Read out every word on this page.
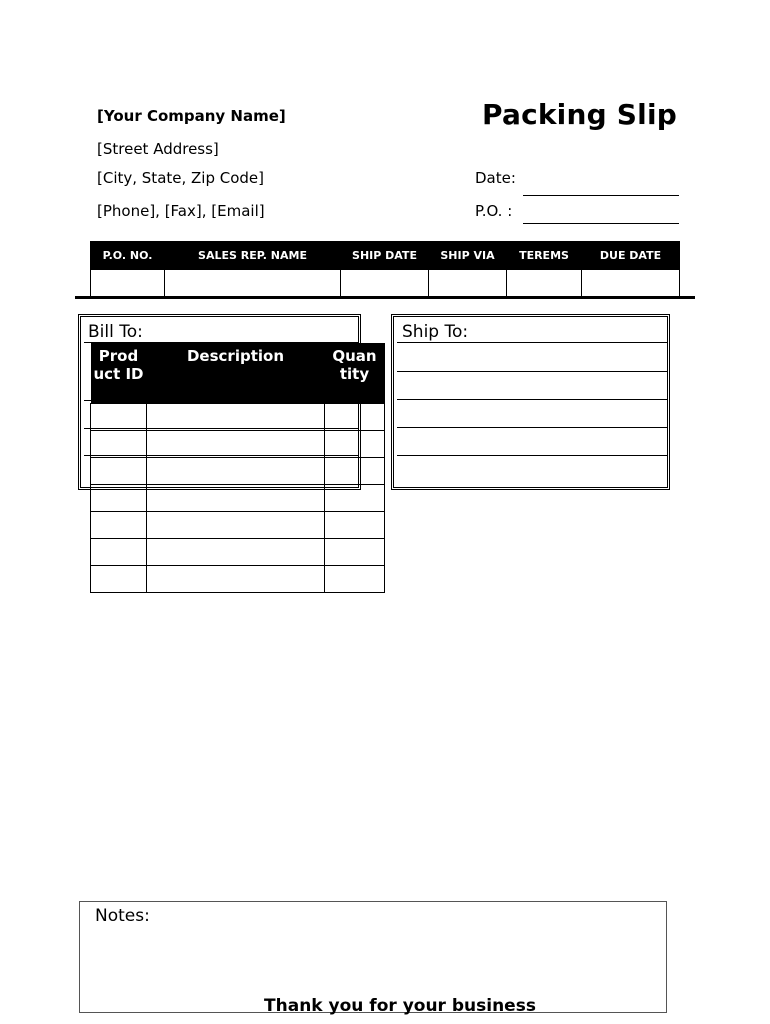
[Your Company Name]	Packing Slip
[Street Address]
[City, State, Zip Code]
[Phone], [Fax], [Email]
Date:
P.O. :
P.O. NO.	SALES REP. NAME	SHIP DATE	SHIP VIA	TEREMS	DUE DATE

Bill To:	Ship To:
Prod uct ID	Description	Quan tity

Notes:
Thank you for your business
